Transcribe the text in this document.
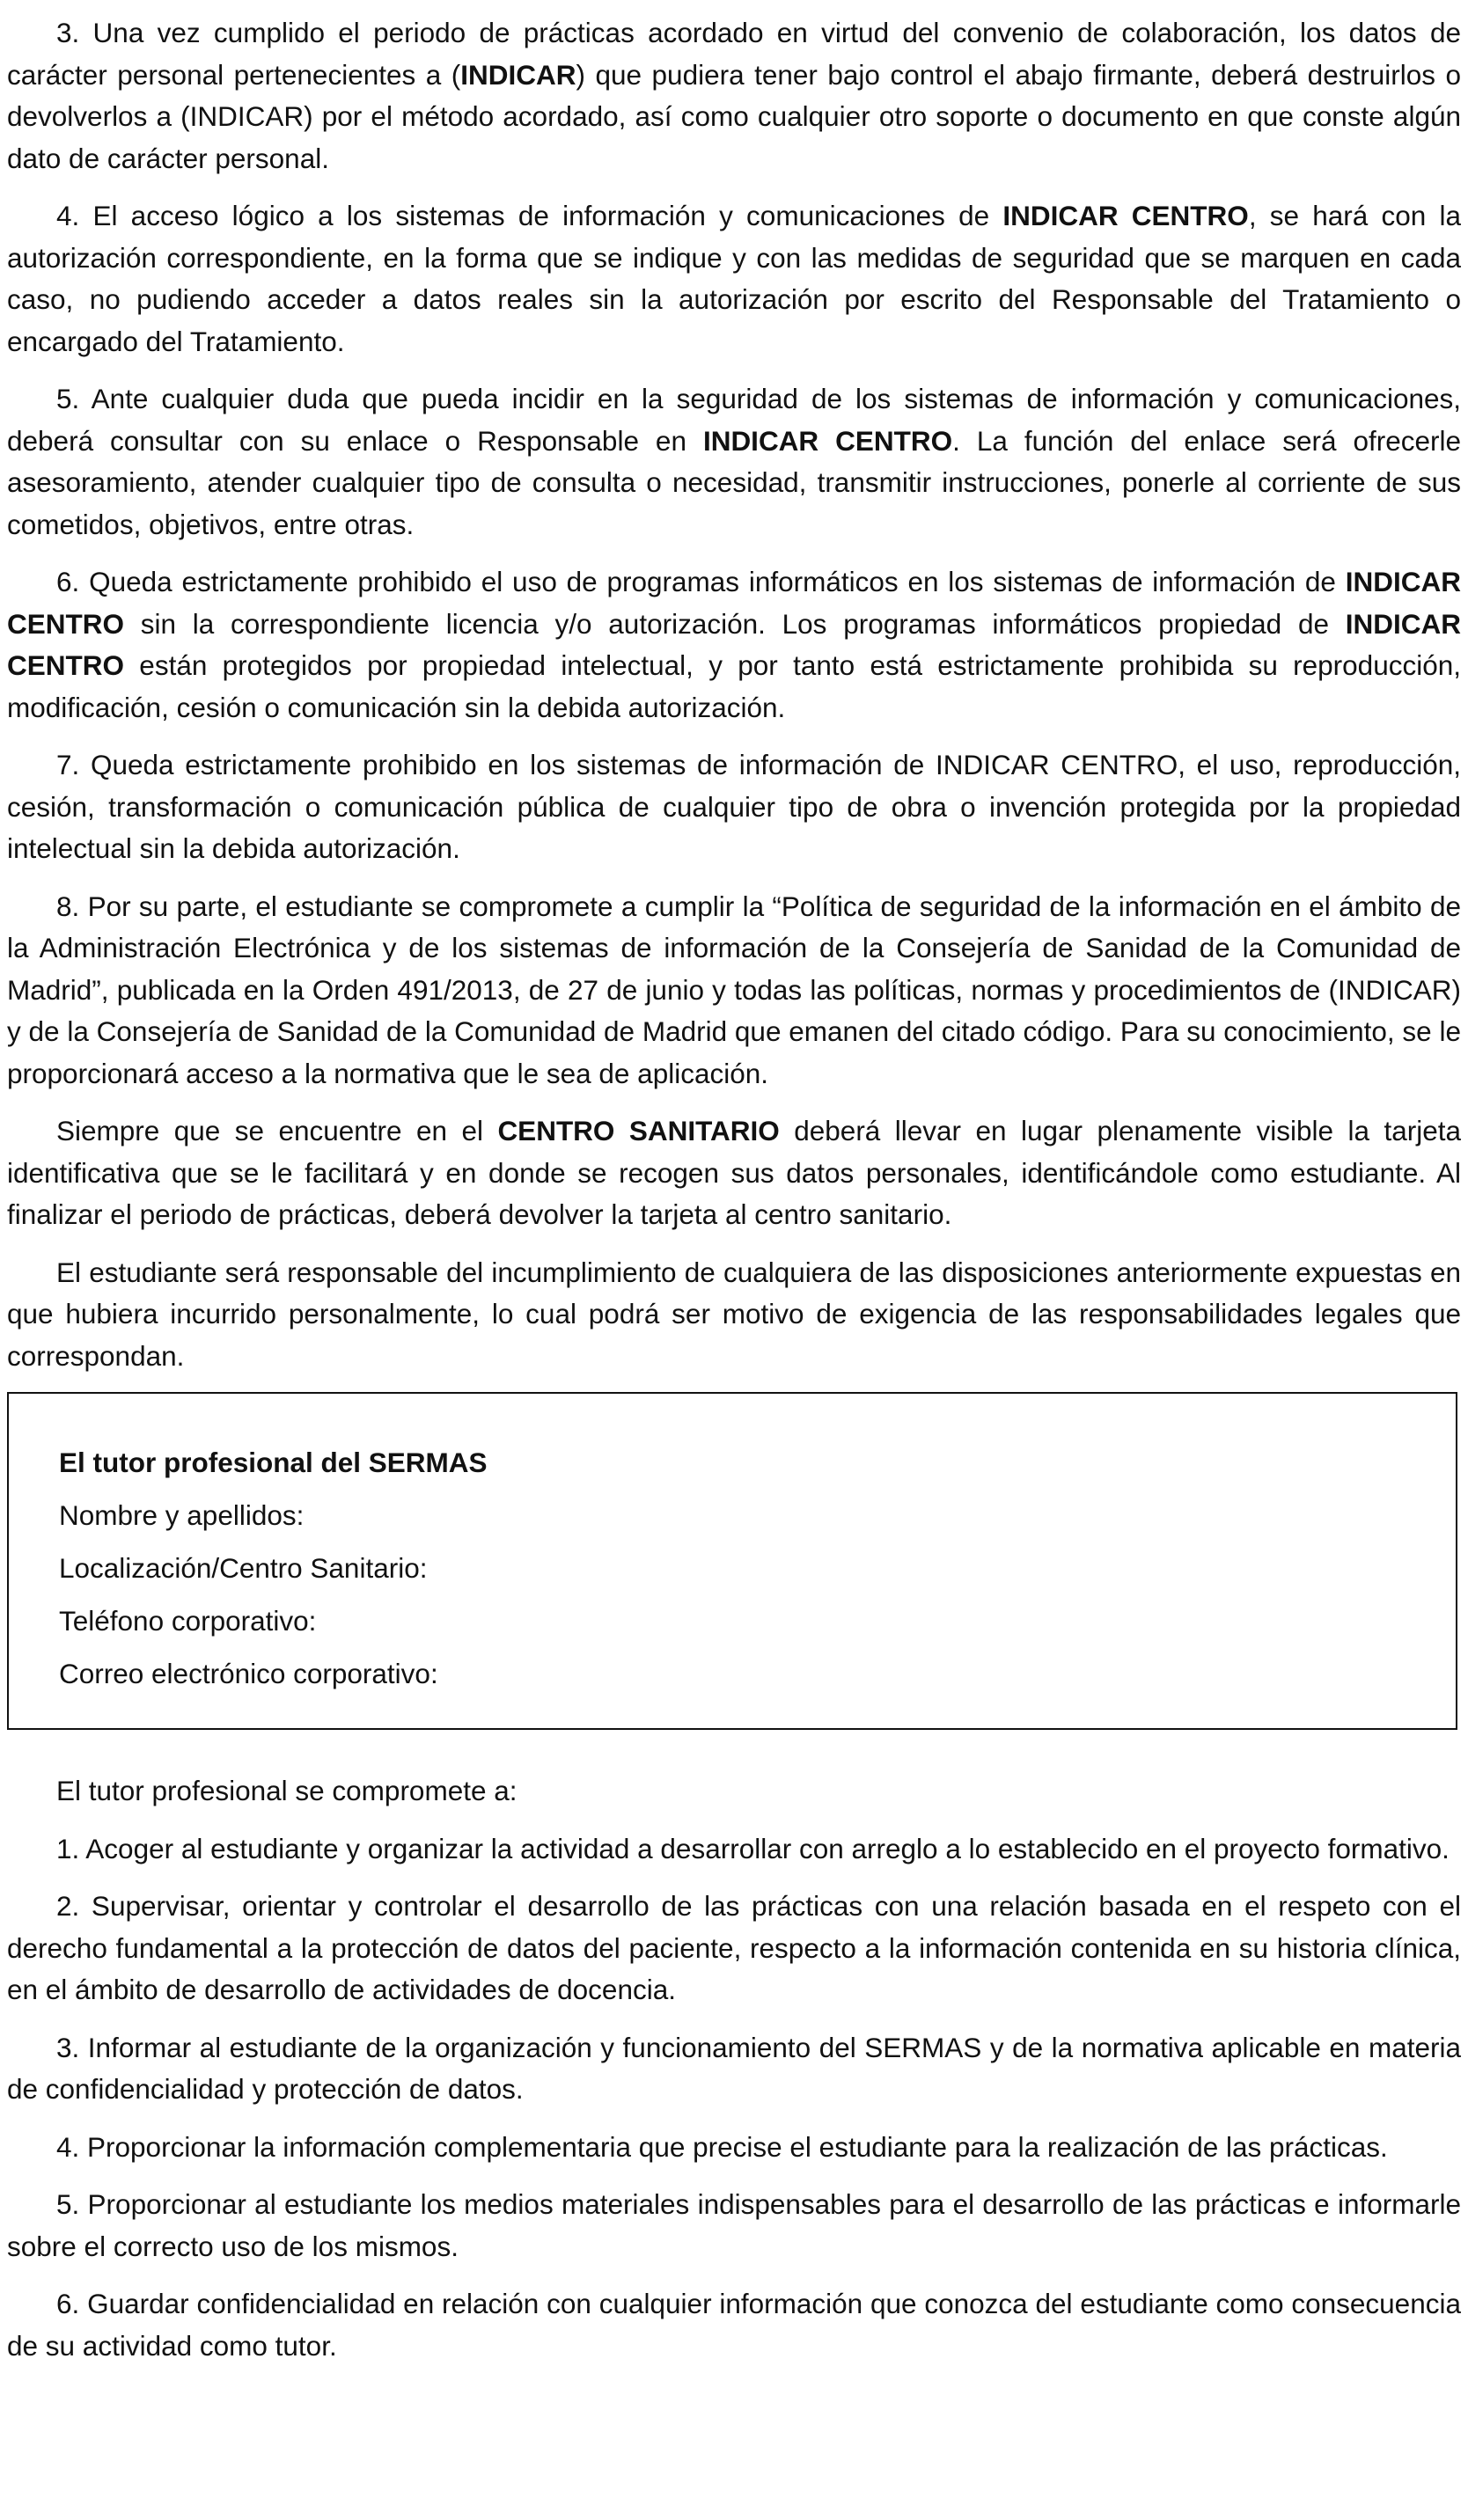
3. Una vez cumplido el periodo de prácticas acordado en virtud del convenio de colaboración, los datos de carácter personal pertenecientes a (INDICAR) que pudiera tener bajo control el abajo firmante, deberá destruirlos o devolverlos a (INDICAR) por el método acordado, así como cualquier otro soporte o documento en que conste algún dato de carácter personal.

4. El acceso lógico a los sistemas de información y comunicaciones de INDICAR CENTRO, se hará con la autorización correspondiente, en la forma que se indique y con las medidas de seguridad que se marquen en cada caso, no pudiendo acceder a datos reales sin la autorización por escrito del Responsable del Tratamiento o encargado del Tratamiento.

5. Ante cualquier duda que pueda incidir en la seguridad de los sistemas de información y comunicaciones, deberá consultar con su enlace o Responsable en INDICAR CENTRO. La función del enlace será ofrecerle asesoramiento, atender cualquier tipo de consulta o necesidad, transmitir instrucciones, ponerle al corriente de sus cometidos, objetivos, entre otras.

6. Queda estrictamente prohibido el uso de programas informáticos en los sistemas de información de INDICAR CENTRO sin la correspondiente licencia y/o autorización. Los programas informáticos propiedad de INDICAR CENTRO están protegidos por propiedad intelectual, y por tanto está estrictamente prohibida su reproducción, modificación, cesión o comunicación sin la debida autorización.

7. Queda estrictamente prohibido en los sistemas de información de INDICAR CENTRO, el uso, reproducción, cesión, transformación o comunicación pública de cualquier tipo de obra o invención protegida por la propiedad intelectual sin la debida autorización.

8. Por su parte, el estudiante se compromete a cumplir la “Política de seguridad de la información en el ámbito de la Administración Electrónica y de los sistemas de información de la Consejería de Sanidad de la Comunidad de Madrid”, publicada en la Orden 491/2013, de 27 de junio y todas las políticas, normas y procedimientos de (INDICAR) y de la Consejería de Sanidad de la Comunidad de Madrid que emanen del citado código. Para su conocimiento, se le proporcionará acceso a la normativa que le sea de aplicación.

Siempre que se encuentre en el CENTRO SANITARIO deberá llevar en lugar plenamente visible la tarjeta identificativa que se le facilitará y en donde se recogen sus datos personales, identificándole como estudiante. Al finalizar el periodo de prácticas, deberá devolver la tarjeta al centro sanitario.

El estudiante será responsable del incumplimiento de cualquiera de las disposiciones anteriormente expuestas en que hubiera incurrido personalmente, lo cual podrá ser motivo de exigencia de las responsabilidades legales que correspondan.

El tutor profesional del SERMAS
Nombre y apellidos:
Localización/Centro Sanitario:
Teléfono corporativo:
Correo electrónico corporativo:

El tutor profesional se compromete a:

1. Acoger al estudiante y organizar la actividad a desarrollar con arreglo a lo establecido en el proyecto formativo.

2. Supervisar, orientar y controlar el desarrollo de las prácticas con una relación basada en el respeto con el derecho fundamental a la protección de datos del paciente, respecto a la información contenida en su historia clínica, en el ámbito de desarrollo de actividades de docencia.

3. Informar al estudiante de la organización y funcionamiento del SERMAS y de la normativa aplicable en materia de confidencialidad y protección de datos.

4. Proporcionar la información complementaria que precise el estudiante para la realización de las prácticas.

5. Proporcionar al estudiante los medios materiales indispensables para el desarrollo de las prácticas e informarle sobre el correcto uso de los mismos.

6. Guardar confidencialidad en relación con cualquier información que conozca del estudiante como consecuencia de su actividad como tutor.
